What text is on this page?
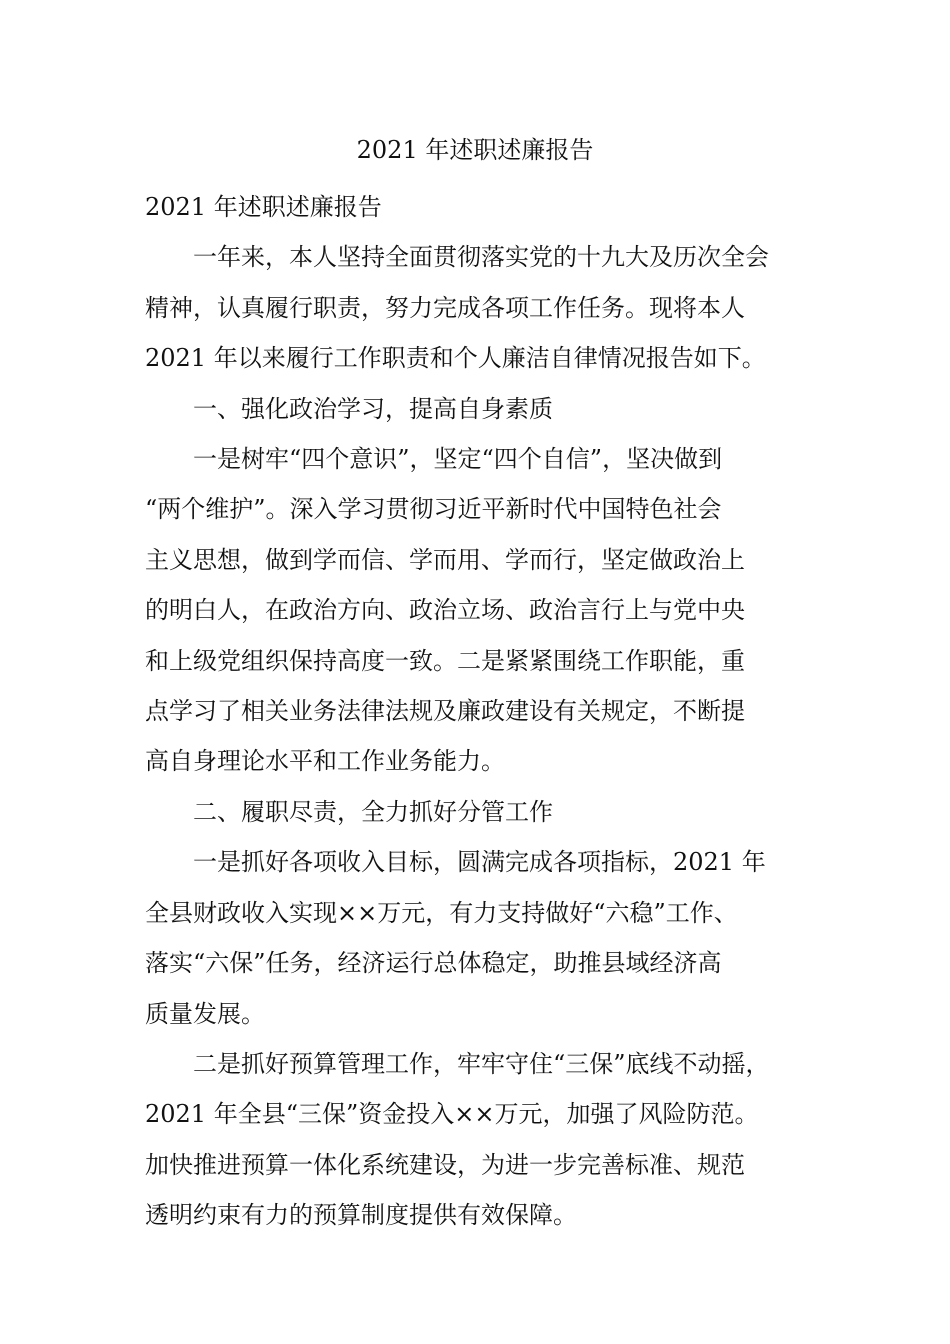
2021 年述职述廉报告

2021 年述职述廉报告

一年来，本人坚持全面贯彻落实党的十九大及历次全会
精神，认真履行职责，努力完成各项工作任务。现将本人
2021 年以来履行工作职责和个人廉洁自律情况报告如下。

一、强化政治学习，提高自身素质

一是树牢“四个意识”，坚定“四个自信”，坚决做到
“两个维护”。深入学习贯彻习近平新时代中国特色社会
主义思想，做到学而信、学而用、学而行，坚定做政治上
的明白人，在政治方向、政治立场、政治言行上与党中央
和上级党组织保持高度一致。二是紧紧围绕工作职能，重
点学习了相关业务法律法规及廉政建设有关规定，不断提
高自身理论水平和工作业务能力。

二、履职尽责，全力抓好分管工作

一是抓好各项收入目标，圆满完成各项指标，2021 年
全县财政收入实现××万元，有力支持做好“六稳”工作、
落实“六保”任务，经济运行总体稳定，助推县域经济高
质量发展。

二是抓好预算管理工作，牢牢守住“三保”底线不动摇，
2021 年全县“三保”资金投入××万元，加强了风险防范。
加快推进预算一体化系统建设，为进一步完善标准、规范
透明约束有力的预算制度提供有效保障。
